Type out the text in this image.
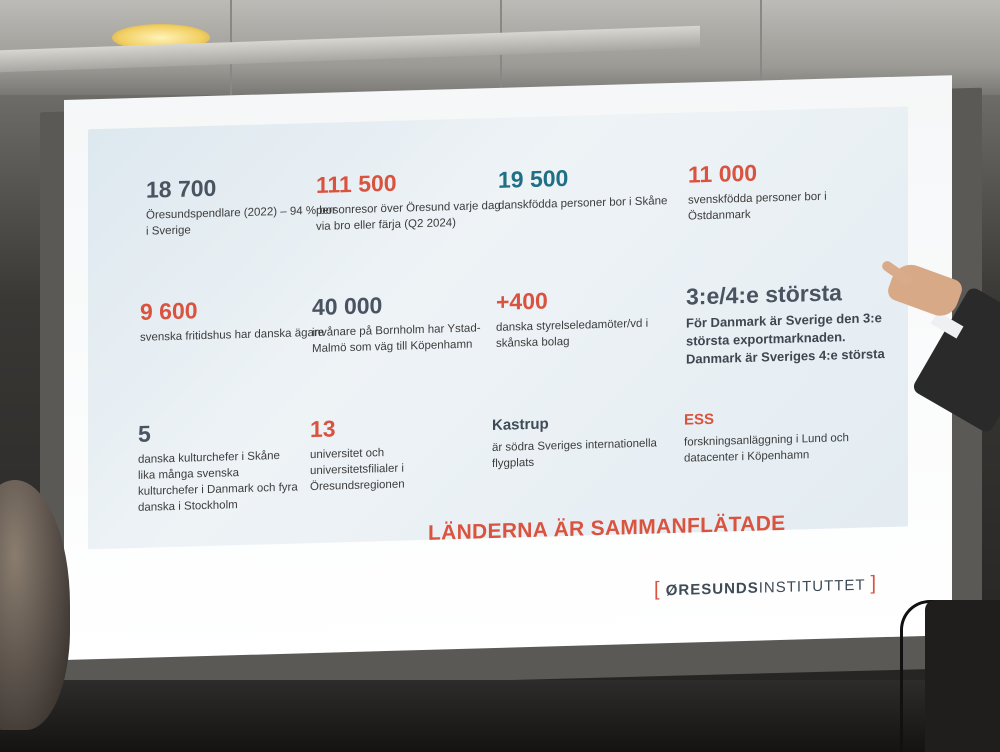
18 700
Öresundspendlare (2022) – 94 % bor i Sverige
111 500
personresor över Öresund varje dag via bro eller färja (Q2 2024)
19 500
danskfödda personer bor i Skåne
11 000
svenskfödda personer bor i Östdanmark
9 600
svenska fritidshus har danska ägare
40 000
invånare på Bornholm har Ystad-Malmö som väg till Köpenhamn
+400
danska styrelseledamöter/vd i skånska bolag
3:e/4:e största
För Danmark är Sverige den 3:e största exportmarknaden. Danmark är Sveriges 4:e största
5
danska kulturchefer i Skåne lika många svenska kulturchefer i Danmark och fyra danska i Stockholm
13
universitet och universitetsfilialer i Öresundsregionen
Kastrup
är södra Sveriges internationella flygplats
ESS
forskningsanläggning i Lund och datacenter i Köpenhamn
LÄNDERNA ÄR SAMMANFLÄTADE
[ ØRESUNDSINSTITUTTET ]
